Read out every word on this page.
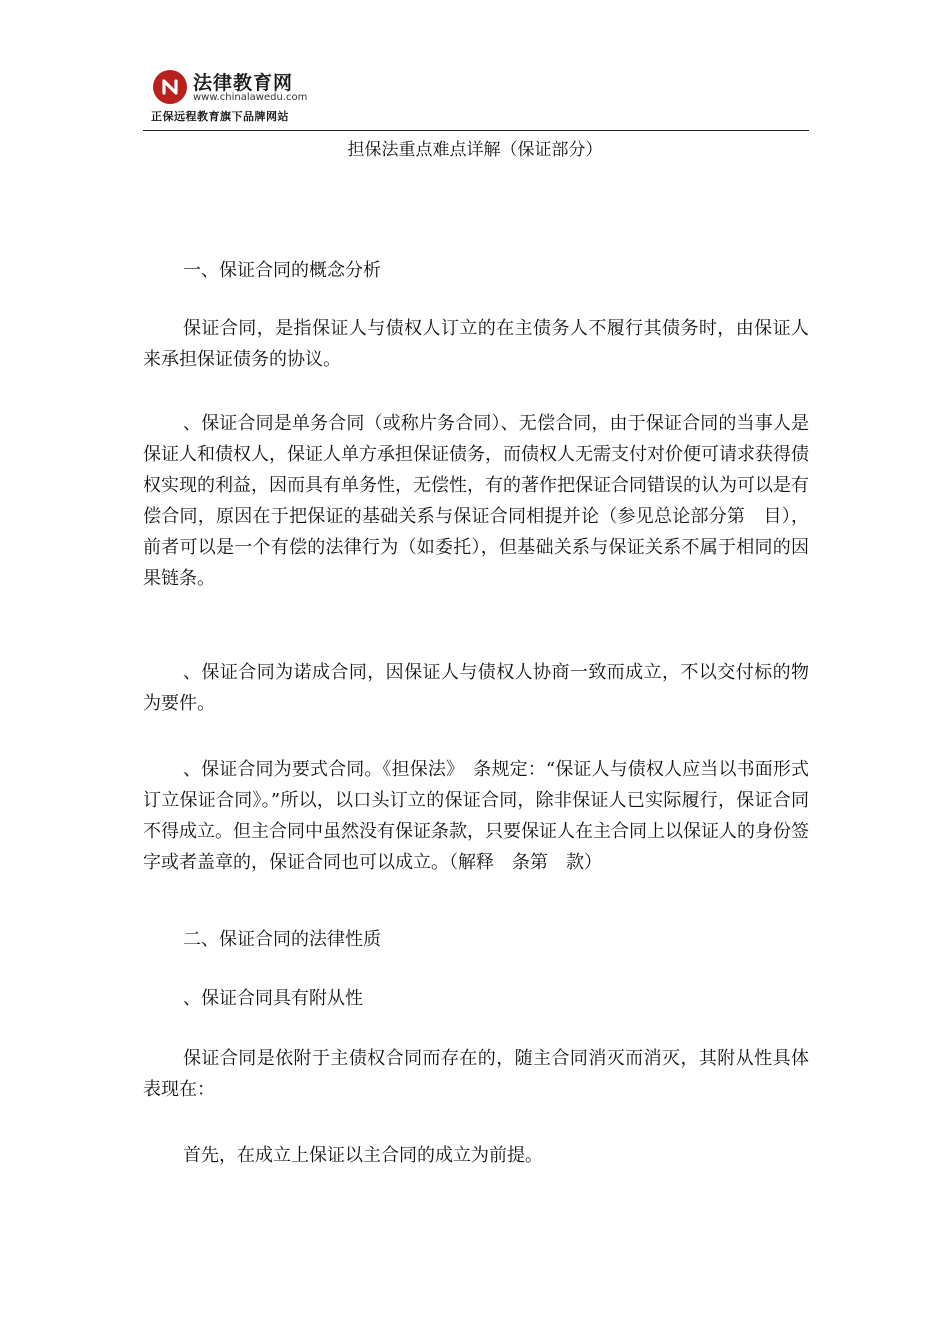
法律教育网
www.chinalawedu.com
正保远程教育旗下品牌网站
担保法重点难点详解（保证部分）

一、保证合同的概念分析

保证合同，是指保证人与债权人订立的在主债务人不履行其债务时，由保证人来承担保证债务的协议。

、保证合同是单务合同（或称片务合同）、无偿合同，由于保证合同的当事人是保证人和债权人，保证人单方承担保证债务，而债权人无需支付对价便可请求获得债权实现的利益，因而具有单务性，无偿性，有的著作把保证合同错误的认为可以是有偿合同，原因在于把保证的基础关系与保证合同相提并论（参见总论部分第　目），前者可以是一个有偿的法律行为（如委托），但基础关系与保证关系不属于相同的因果链条。

、保证合同为诺成合同，因保证人与债权人协商一致而成立，不以交付标的物为要件。

、保证合同为要式合同。《担保法》　条规定：“保证人与债权人应当以书面形式订立保证合同》。”所以，以口头订立的保证合同，除非保证人已实际履行，保证合同不得成立。但主合同中虽然没有保证条款，只要保证人在主合同上以保证人的身份签字或者盖章的，保证合同也可以成立。（解释　条第　款）

二、保证合同的法律性质

、保证合同具有附从性

保证合同是依附于主债权合同而存在的，随主合同消灭而消灭，其附从性具体表现在：

首先，在成立上保证以主合同的成立为前提。
